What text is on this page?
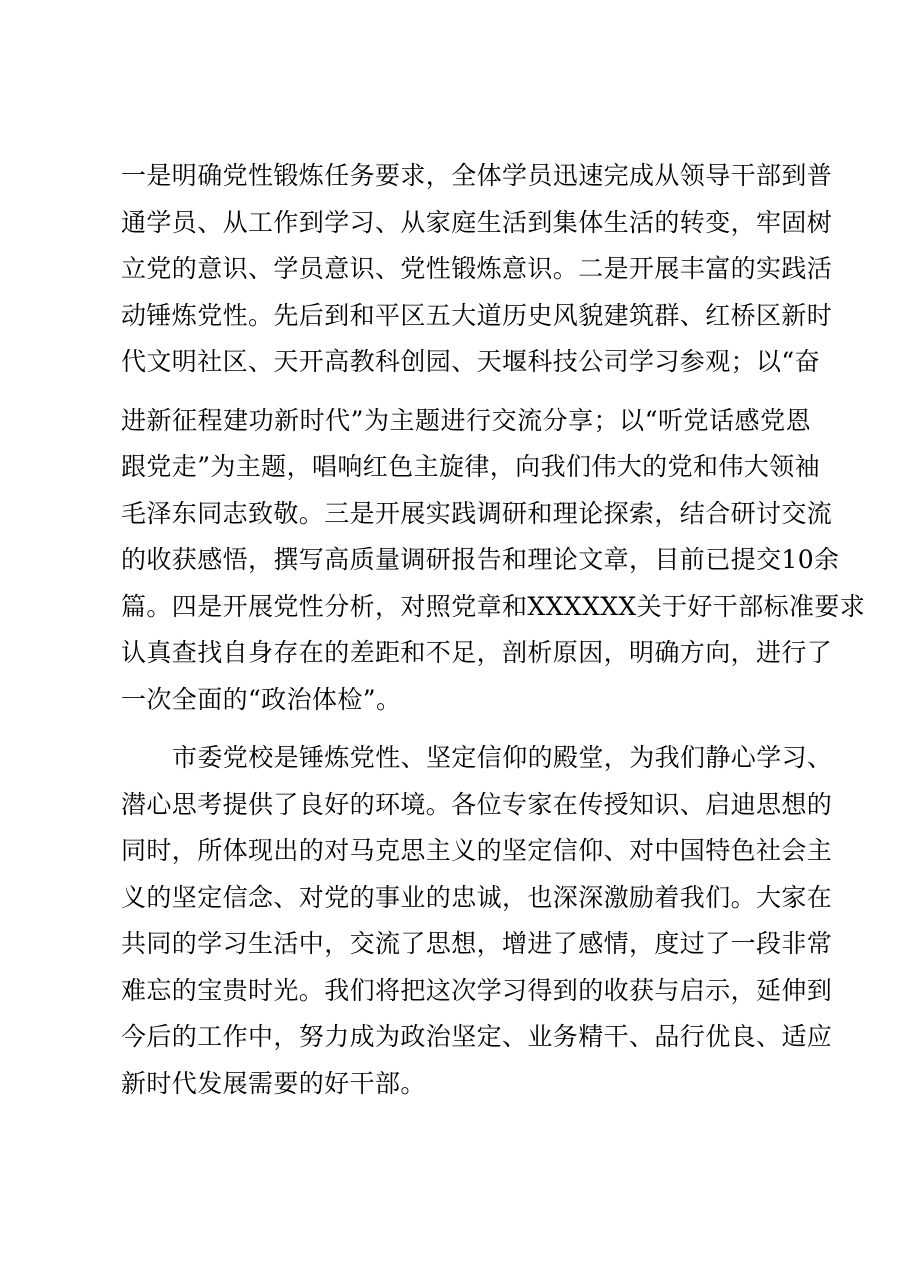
一是明确党性锻炼任务要求，全体学员迅速完成从领导干部到普
通学员、从工作到学习、从家庭生活到集体生活的转变，牢固树
立党的意识、学员意识、党性锻炼意识。二是开展丰富的实践活
动锤炼党性。先后到和平区五大道历史风貌建筑群、红桥区新时
代文明社区、天开高教科创园、天堰科技公司学习参观；以“奋
进新征程建功新时代”为主题进行交流分享；以“听党话感党恩
跟党走”为主题，唱响红色主旋律，向我们伟大的党和伟大领袖
毛泽东同志致敬。三是开展实践调研和理论探索，结合研讨交流
的收获感悟，撰写高质量调研报告和理论文章，目前已提交10余
篇。四是开展党性分析，对照党章和XXXXXX关于好干部标准要求
认真查找自身存在的差距和不足，剖析原因，明确方向，进行了
一次全面的“政治体检”。
市委党校是锤炼党性、坚定信仰的殿堂，为我们静心学习、
潜心思考提供了良好的环境。各位专家在传授知识、启迪思想的
同时，所体现出的对马克思主义的坚定信仰、对中国特色社会主
义的坚定信念、对党的事业的忠诚，也深深激励着我们。大家在
共同的学习生活中，交流了思想，增进了感情，度过了一段非常
难忘的宝贵时光。我们将把这次学习得到的收获与启示，延伸到
今后的工作中，努力成为政治坚定、业务精干、品行优良、适应
新时代发展需要的好干部。
